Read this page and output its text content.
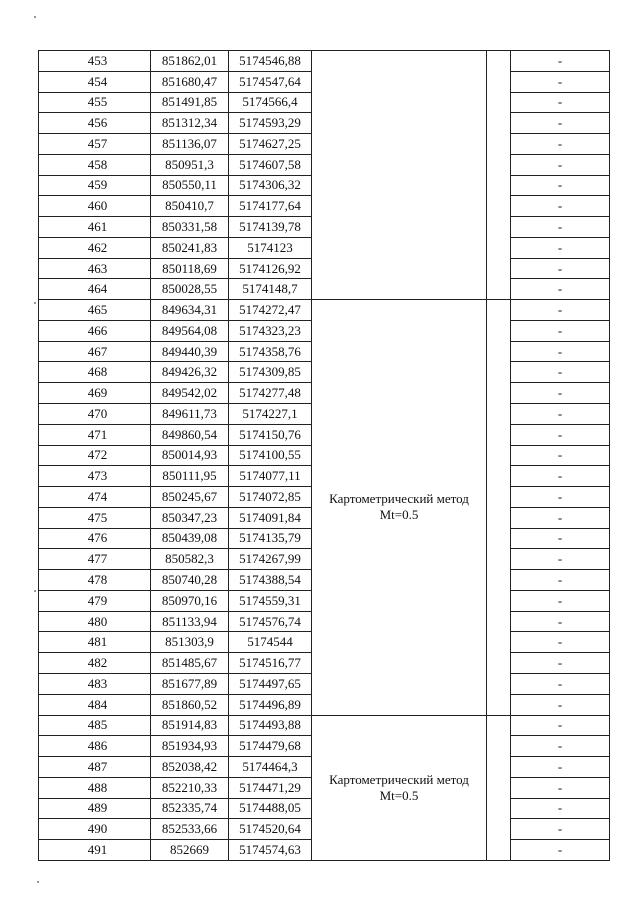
453	851862,01	5174546,88			-
454	851680,47	5174547,64			-
455	851491,85	5174566,4			-
456	851312,34	5174593,29			-
457	851136,07	5174627,25			-
458	850951,3	5174607,58			-
459	850550,11	5174306,32			-
460	850410,7	5174177,64			-
461	850331,58	5174139,78			-
462	850241,83	5174123			-
463	850118,69	5174126,92			-
464	850028,55	5174148,7			-
465	849634,31	5174272,47	Картометрический метод Mt=0.5		-
466	849564,08	5174323,23			-
467	849440,39	5174358,76			-
468	849426,32	5174309,85			-
469	849542,02	5174277,48			-
470	849611,73	5174227,1			-
471	849860,54	5174150,76			-
472	850014,93	5174100,55			-
473	850111,95	5174077,11			-
474	850245,67	5174072,85			-
475	850347,23	5174091,84			-
476	850439,08	5174135,79			-
477	850582,3	5174267,99			-
478	850740,28	5174388,54			-
479	850970,16	5174559,31			-
480	851133,94	5174576,74			-
481	851303,9	5174544			-
482	851485,67	5174516,77			-
483	851677,89	5174497,65			-
484	851860,52	5174496,89			-
485	851914,83	5174493,88	Картометрический метод Mt=0.5		-
486	851934,93	5174479,68			-
487	852038,42	5174464,3			-
488	852210,33	5174471,29			-
489	852335,74	5174488,05			-
490	852533,66	5174520,64			-
491	852669	5174574,63			-
